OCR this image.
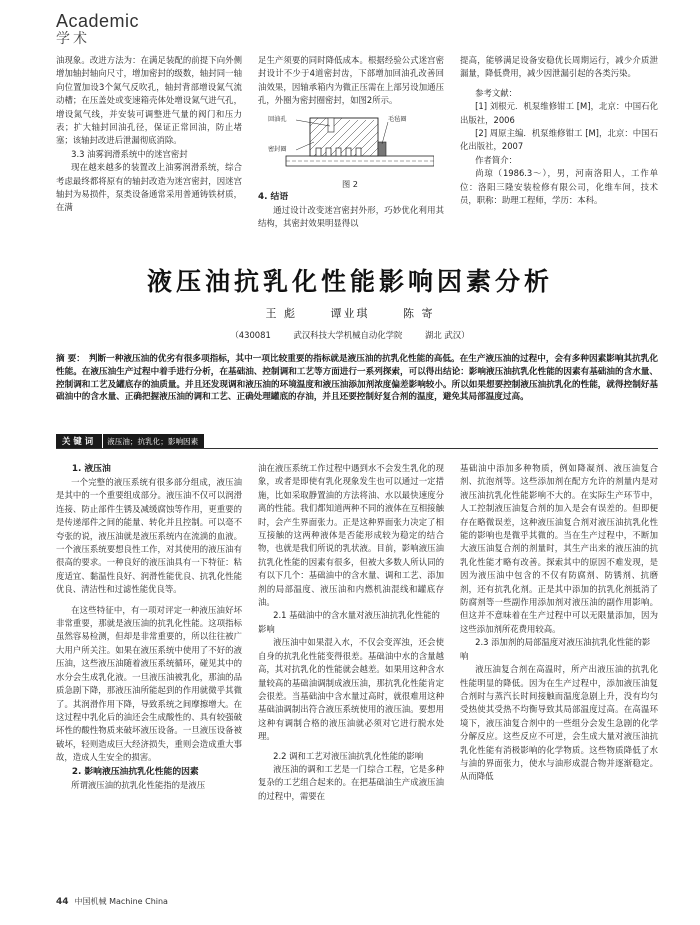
Academic
学术

油现象。改进方法为：在满足装配的前提下向外侧增加轴封轴向尺寸，增加密封的级数，轴封同一轴向位置加设3个氮气反吹孔，轴封背部增设氮气流动槽；在压盖处或变速箱壳体处增设氮气进气孔，增设氮气线，并安装可调整进气量的阀门和压力表；扩大轴封回油孔径，保证正常回油，防止堵塞；该轴封改进后泄漏彻底消除。

3.3 油雾润滑系统中的迷宫密封

现在越来越多的装置改上油雾润滑系统，综合考虑最终都将原有的轴封改造为迷宫密封，因迷宫轴封为易损件，泵类设备通常采用普通铸铁材质，在满

足生产须要的同时降低成本。根据经验公式迷宫密封设计不少于4道密封齿，下部增加回油孔改善回油效果，因轴承箱内为微正压需在上部另设加通压孔，外圈为密封圈密封，如图2所示。

回油孔	毛毡圈
密封圈
图 2
4. 结语

通过设计改变迷宫密封外形，巧妙优化利用其结构，其密封效果明显得以

提高，能够满足设备安稳优长周期运行，减少介质泄漏量，降低费用，减少因泄漏引起的各类污染。

参考文献：

[1] 刘根元．机泵维修钳工 [M]，北京：中国石化出版社，2006

[2] 周原主编．机泵维修钳工 [M]，北京：中国石化出版社，2007

作者简介：

尚琼（1986.3～），男，河南洛阳人，工作单位：洛阳三隆安装检修有限公司，化维车间，技术员，职称：助理工程师，学历：本科。

液压油抗乳化性能影响因素分析
王 彪	谭业琪	陈 寄
（430081	武汉科技大学机械自动化学院	湖北 武汉）
摘 要： 判断一种液压油的优劣有很多项指标，其中一项比较重要的指标就是液压油的抗乳化性能的高低。在生产液压油的过程中，会有多种因素影响其抗乳化性能。在液压油生产过程中着手进行分析，在基础油、控制调和工艺等方面进行一系列探索，可以得出结论：影响液压油抗乳化性能的因素有基础油的含水量、控制调和工艺及罐底存的油质量。并且还发现调和液压油的环境温度和液压油添加剂浓度偏差影响较小。所以如果想要控制液压油抗乳化的性能，就得控制好基础油中的含水量、正确把握液压油的调和工艺、正确处理罐底的存油，并且还要控制好复合剂的温度，避免其局部温度过高。
关键词	液压油；抗乳化；影响因素
1. 液压油

一个完整的液压系统有很多部分组成，液压油是其中的一个重要组成部分。液压油不仅可以润滑连接、防止部件生锈及减缓腐蚀等作用，更重要的是传递部件之间的能量、转化并且控制。可以毫不夸张的说，液压油就是液压系统内在流淌的血液。一个液压系统要想良性工作，对其使用的液压油有很高的要求。一种良好的液压油具有一下特征：粘度适宜、黏温性良好、润滑性能优良、抗乳化性能优良、清洁性和过滤性能优良等。

在这些特征中，有一项对评定一种液压油好坏非常重要，那就是液压油的抗乳化性能。这项指标虽然容易检测，但却是非常重要的，所以往往被广大用户所关注。如果在液压系统中使用了不好的液压油，这些液压油随着液压系统循环，碰见其中的水分会生成乳化液。一旦液压油被乳化，那油的品质急剧下降，那液压油所能起到的作用就微乎其微了。其润滑作用下降，导致系统之间摩擦增大。在这过程中乳化后的油还会生成酸性的、具有较强破坏性的酸性物质来破坏液压设备。一旦液压设备被破坏，轻则造成巨大经济损失，重则会造成重大事故，造成人生安全的损害。

2. 影响液压油抗乳化性能的因素

所谓液压油的抗乳化性能指的是液压

油在液压系统工作过程中遇到水不会发生乳化的现象，或者是即使有乳化现象发生也可以通过一定措施，比如采取静置油的方法将油、水以最快速度分离的性能。我们都知道两种不同的液体在互相接触时，会产生界面张力。正是这种界面张力决定了相互接触的这两种液体是否能形成较为稳定的结合物，也就是我们所说的乳状液。目前，影响液压油抗乳化性能的因素有很多，但被大多数人所认同的有以下几个：基础油中的含水量、调和工艺、添加剂的局部温度、液压油和内燃机油混线和罐底存油。

2.1 基础油中的含水量对液压油抗乳化性能的影响

液压油中如果混入水，不仅会变浑浊，还会使自身的抗乳化性能变得很差。基础油中水的含量越高，其对抗乳化的性能就会越差。如果用这种含水量较高的基础油调制成液压油，那抗乳化性能肯定会很差。当基础油中含水量过高时，就很难用这种基础油调制出符合液压系统使用的液压油。要想用这种有调制合格的液压油就必须对它进行脱水处理。

2.2 调和工艺对液压油抗乳化性能的影响

液压油的调和工艺是一门综合工程，它是多种复杂的工艺组合起来的。在把基础油生产成液压油的过程中，需要在

基础油中添加多种物质，例如降凝剂、液压油复合剂、抗泡剂等。这些添加剂在配方允许的剂量内是对液压油抗乳化性能影响不大的。在实际生产环节中，人工控制液压油复合剂的加入是会有误差的。但即便存在略微误差，这种液压油复合剂对液压油抗乳化性能的影响也是微乎其微的。当在生产过程中，不断加大液压油复合剂的剂量时，其生产出来的液压油的抗乳化性能才略有改善。探索其中的原因不难发现，是因为液压油中包含的不仅有防腐剂、防锈剂、抗磨剂，还有抗乳化剂。正是其中添加的抗乳化剂抵消了防腐剂等一些副作用添加剂对液压油的副作用影响。但这并不意味着在生产过程中可以无限量添加，因为这些添加剂所花费用较高。

2.3 添加剂的局部温度对液压油抗乳化性能的影响

液压油复合剂在高温时，所产出液压油的抗乳化性能明显的降低。因为在生产过程中，添加液压油复合剂时与蒸汽长时间接触而温度急剧上升，没有均匀受热使其受热不均衡导致其局部温度过高。在高温环境下，液压油复合剂中的一些组分会发生急剧的化学分解反应。这些反应不可逆，会生成大量对液压油抗乳化性能有消极影响的化学物质。这些物质降低了水与油的界面张力，使水与油形成混合物并逐渐稳定。从而降低

44 中国机械 Machine China
